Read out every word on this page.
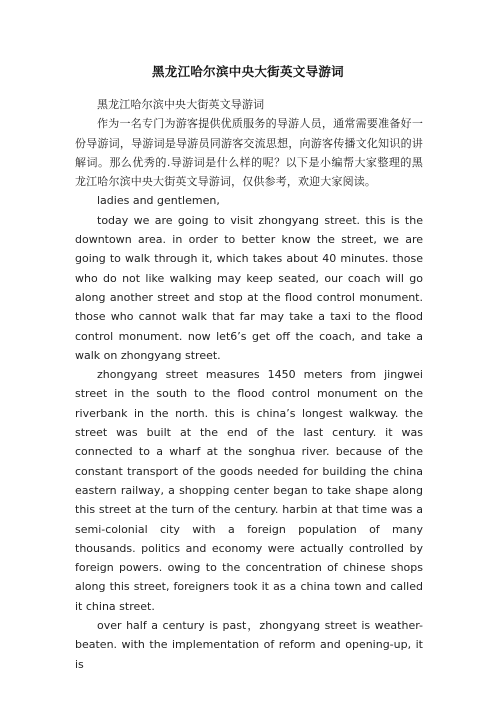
黑龙江哈尔滨中央大街英文导游词

黑龙江哈尔滨中央大街英文导游词

作为一名专门为游客提供优质服务的导游人员，通常需要准备好一份导游词，导游词是导游员同游客交流思想，向游客传播文化知识的讲解词。那么优秀的.导游词是什么样的呢？以下是小编帮大家整理的黑龙江哈尔滨中央大街英文导游词，仅供参考，欢迎大家阅读。

ladies and gentlemen,

today we are going to visit zhongyang street. this is the downtown area. in order to better know the street, we are going to walk through it, which takes about 40 minutes. those who do not like walking may keep seated, our coach will go along another street and stop at the flood control monument. those who cannot walk that far may take a taxi to the flood control monument. now let6’s get off the coach, and take a walk on zhongyang street.

zhongyang street measures 1450 meters from jingwei street in the south to the flood control monument on the riverbank in the north. this is china’s longest walkway. the street was built at the end of the last century. it was connected to a wharf at the songhua river. because of the constant transport of the goods needed for building the china eastern railway, a shopping center began to take shape along this street at the turn of the century. harbin at that time was a semi-colonial city with a foreign population of many thousands. politics and economy were actually controlled by foreign powers. owing to the concentration of chinese shops along this street, foreigners took it as a china town and called it china street.

over half a century is past，zhongyang street is weather-beaten. with the implementation of reform and opening-up, it is
